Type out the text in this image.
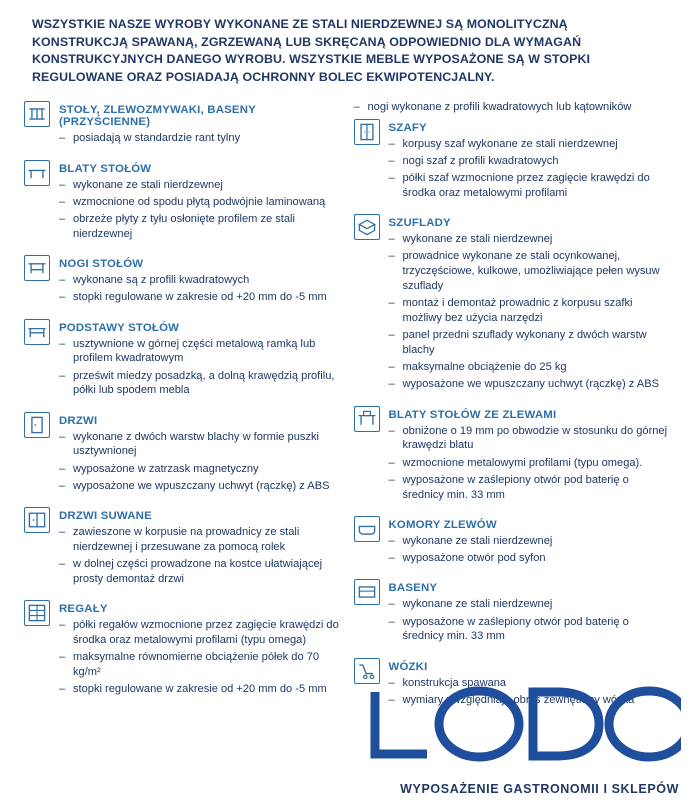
WSZYSTKIE NASZE WYROBY WYKONANE ZE STALI NIERDZEWNEJ SĄ MONOLITYCZNĄ KONSTRUKCJĄ SPAWANĄ, ZGRZEWANĄ LUB SKRĘCANĄ ODPOWIEDNIO DLA WYMAGAŃ KONSTRUKCYJNYCH DANEGO WYROBU. WSZYSTKIE MEBLE WYPOSAŻONE SĄ W STOPKI REGULOWANE ORAZ POSIADAJĄ OCHRONNY BOLEC EKWIPOTENCJALNY.
STOŁY, ZLEWOZMYWAKI, BASENY (PRZYŚCIENNE)
– posiadają w standardzie rant tylny
BLATY STOŁÓW
– wykonane ze stali nierdzewnej
– wzmocnione od spodu płytą podwójnie laminowaną
– obrzeże płyty z tyłu osłonięte profilem ze stali nierdzewnej
NOGI STOŁÓW
– wykonane są z profili kwadratowych
– stopki regulowane w zakresie od +20 mm do -5 mm
PODSTAWY STOŁÓW
– usztywnione w górnej części metalową ramką lub profilem kwadratowym
– prześwit miedzy posadzką, a dolną krawędzią profilu, półki lub spodem mebla
DRZWI
– wykonane z dwóch warstw blachy w formie puszki usztywnionej
– wyposażone w zatrzask magnetyczny
– wyposażone we wpuszczany uchwyt (rączkę) z ABS
DRZWI SUWANE
– zawieszone w korpusie na prowadnicy ze stali nierdzewnej i przesuwane za pomocą rolek
– w dolnej części prowadzone na kostce ułatwiającej prosty demontaż drzwi
REGAŁY
– półki regałów wzmocnione przez zagięcie krawędzi do środka oraz metalowymi profilami (typu omega)
– maksymalne równomierne obciążenie półek do 70 kg/m²
– stopki regulowane w zakresie od +20 mm do -5 mm
– nogi wykonane z profili kwadratowych lub kątowników
SZAFY
– korpusy szaf wykonane ze stali nierdzewnej
– nogi szaf z profili kwadratowych
– półki szaf wzmocnione przez zagięcie krawędzi do środka oraz metalowymi profilami
SZUFLADY
– wykonane ze stali nierdzewnej
– prowadnice wykonane ze stali ocynkowanej, trzyczęściowe, kulkowe, umożliwiające pełen wysuw szuflady
– montaż i demontaż prowadnic z korpusu szafki możliwy bez użycia narzędzi
– panel przedni szuflady wykonany z dwóch warstw blachy
– maksymalne obciążenie do 25 kg
– wyposażone we wpuszczany uchwyt (rączkę) z ABS
BLATY STOŁÓW ZE ZLEWAMI
– obniżone o 19 mm po obwodzie w stosunku do górnej krawędzi blatu
– wzmocnione metalowymi profilami (typu omega).
– wyposażone w zaślepiony otwór pod baterię o średnicy min. 33 mm
KOMORY ZLEWÓW
– wykonane ze stali nierdzewnej
– wyposażone otwór pod syfon
BASENY
– wykonane ze stali nierdzewnej
– wyposażone w zaślepiony otwór pod baterię o średnicy min. 33 mm
WÓZKI
– konstrukcja spawana
– wymiary uwzględniają obrys zewnętrzny wózka
WYPOSAŻENIE GASTRONOMII I SKLEPÓW
